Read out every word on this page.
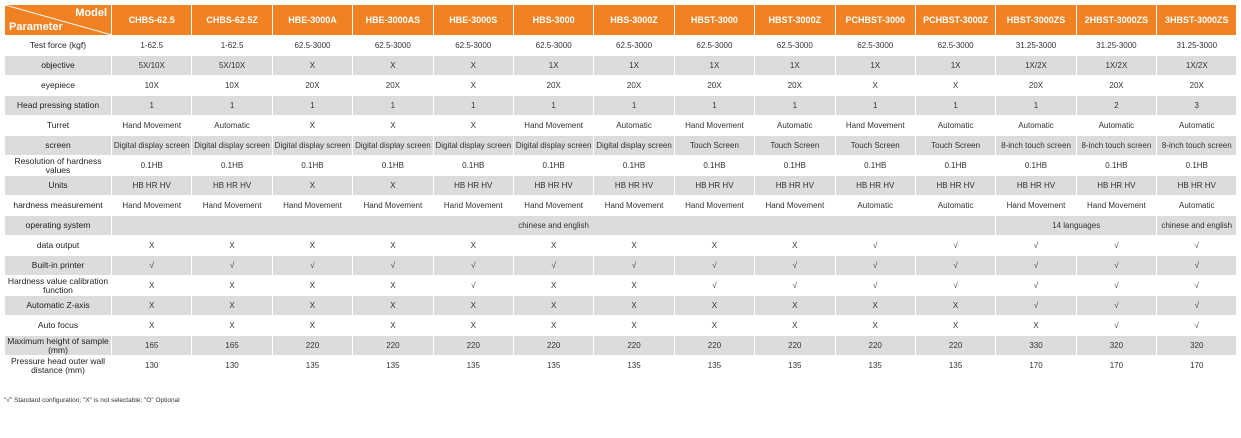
Model
Parameter	CHBS-62.5	CHBS-62.5Z	HBE-3000A	HBE-3000AS	HBE-3000S	HBS-3000	HBS-3000Z	HBST-3000	HBST-3000Z	PCHBST-3000	PCHBST-3000Z	HBST-3000ZS	2HBST-3000ZS	3HBST-3000ZS
Test force (kgf)	1-62.5	1-62.5	62.5-3000	62.5-3000	62.5-3000	62.5-3000	62.5-3000	62.5-3000	62.5-3000	62.5-3000	62.5-3000	31.25-3000	31.25-3000	31.25-3000
objective	5X/10X	5X/10X	X	X	X	1X	1X	1X	1X	1X	1X	1X/2X	1X/2X	1X/2X
eyepiece	10X	10X	20X	20X	X	20X	20X	20X	20X	X	X	20X	20X	20X
Head pressing station	1	1	1	1	1	1	1	1	1	1	1	1	2	3
Turret	Hand Movement	Automatic	X	X	X	Hand Movement	Automatic	Hand Movement	Automatic	Hand Movement	Automatic	Automatic	Automatic	Automatic
screen	Digital display screen	Digital display screen	Digital display screen	Digital display screen	Digital display screen	Digital display screen	Digital display screen	Touch Screen	Touch Screen	Touch Screen	Touch Screen	8-inch touch screen	8-inch touch screen	8-inch touch screen
Resolution of hardness values	0.1HB	0.1HB	0.1HB	0.1HB	0.1HB	0.1HB	0.1HB	0.1HB	0.1HB	0.1HB	0.1HB	0.1HB	0.1HB	0.1HB
Units	HB HR HV	HB HR HV	X	X	HB HR HV	HB HR HV	HB HR HV	HB HR HV	HB HR HV	HB HR HV	HB HR HV	HB HR HV	HB HR HV	HB HR HV
hardness measurement	Hand Movement	Hand Movement	Hand Movement	Hand Movement	Hand Movement	Hand Movement	Hand Movement	Hand Movement	Hand Movement	Automatic	Automatic	Hand Movement	Hand Movement	Automatic
operating system	chinese and english											14 languages		chinese and english
data output	X	X	X	X	X	X	X	X	X	√	√	√	√	√
Built-in printer	√	√	√	√	√	√	√	√	√	√	√	√	√	√
Hardness value calibration function	X	X	X	X	√	X	X	√	√	√	√	√	√	√
Automatic Z-axis	X	X	X	X	X	X	X	X	X	X	X	√	√	√
Auto focus	X	X	X	X	X	X	X	X	X	X	X	X	√	√
Maximum height of sample (mm)	165	165	220	220	220	220	220	220	220	220	220	330	320	320
Pressure head outer wall distance (mm)	130	130	135	135	135	135	135	135	135	135	135	170	170	170
"√" Standard configuration; "X" is not selectable; "O" Optional
